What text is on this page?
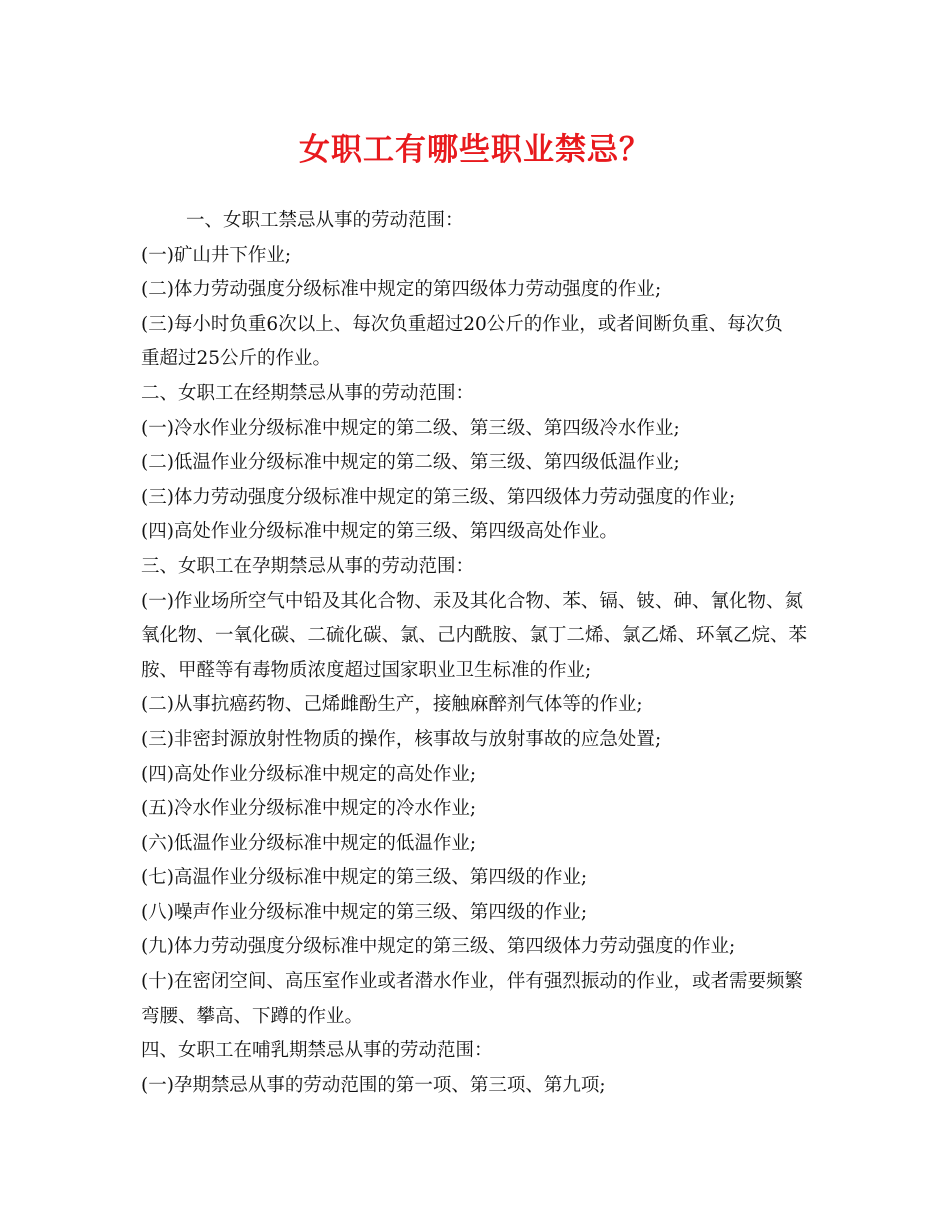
女职工有哪些职业禁忌？

一、女职工禁忌从事的劳动范围：

(一)矿山井下作业;

(二)体力劳动强度分级标准中规定的第四级体力劳动强度的作业;

(三)每小时负重6次以上、每次负重超过20公斤的作业，或者间断负重、每次负

重超过25公斤的作业。

二、女职工在经期禁忌从事的劳动范围：

(一)冷水作业分级标准中规定的第二级、第三级、第四级冷水作业;

(二)低温作业分级标准中规定的第二级、第三级、第四级低温作业;

(三)体力劳动强度分级标准中规定的第三级、第四级体力劳动强度的作业;

(四)高处作业分级标准中规定的第三级、第四级高处作业。

三、女职工在孕期禁忌从事的劳动范围：

(一)作业场所空气中铅及其化合物、汞及其化合物、苯、镉、铍、砷、氰化物、氮

氧化物、一氧化碳、二硫化碳、氯、己内酰胺、氯丁二烯、氯乙烯、环氧乙烷、苯

胺、甲醛等有毒物质浓度超过国家职业卫生标准的作业;

(二)从事抗癌药物、己烯雌酚生产，接触麻醉剂气体等的作业;

(三)非密封源放射性物质的操作，核事故与放射事故的应急处置;

(四)高处作业分级标准中规定的高处作业;

(五)冷水作业分级标准中规定的冷水作业;

(六)低温作业分级标准中规定的低温作业;

(七)高温作业分级标准中规定的第三级、第四级的作业;

(八)噪声作业分级标准中规定的第三级、第四级的作业;

(九)体力劳动强度分级标准中规定的第三级、第四级体力劳动强度的作业;

(十)在密闭空间、高压室作业或者潜水作业，伴有强烈振动的作业，或者需要频繁

弯腰、攀高、下蹲的作业。

四、女职工在哺乳期禁忌从事的劳动范围：

(一)孕期禁忌从事的劳动范围的第一项、第三项、第九项;
